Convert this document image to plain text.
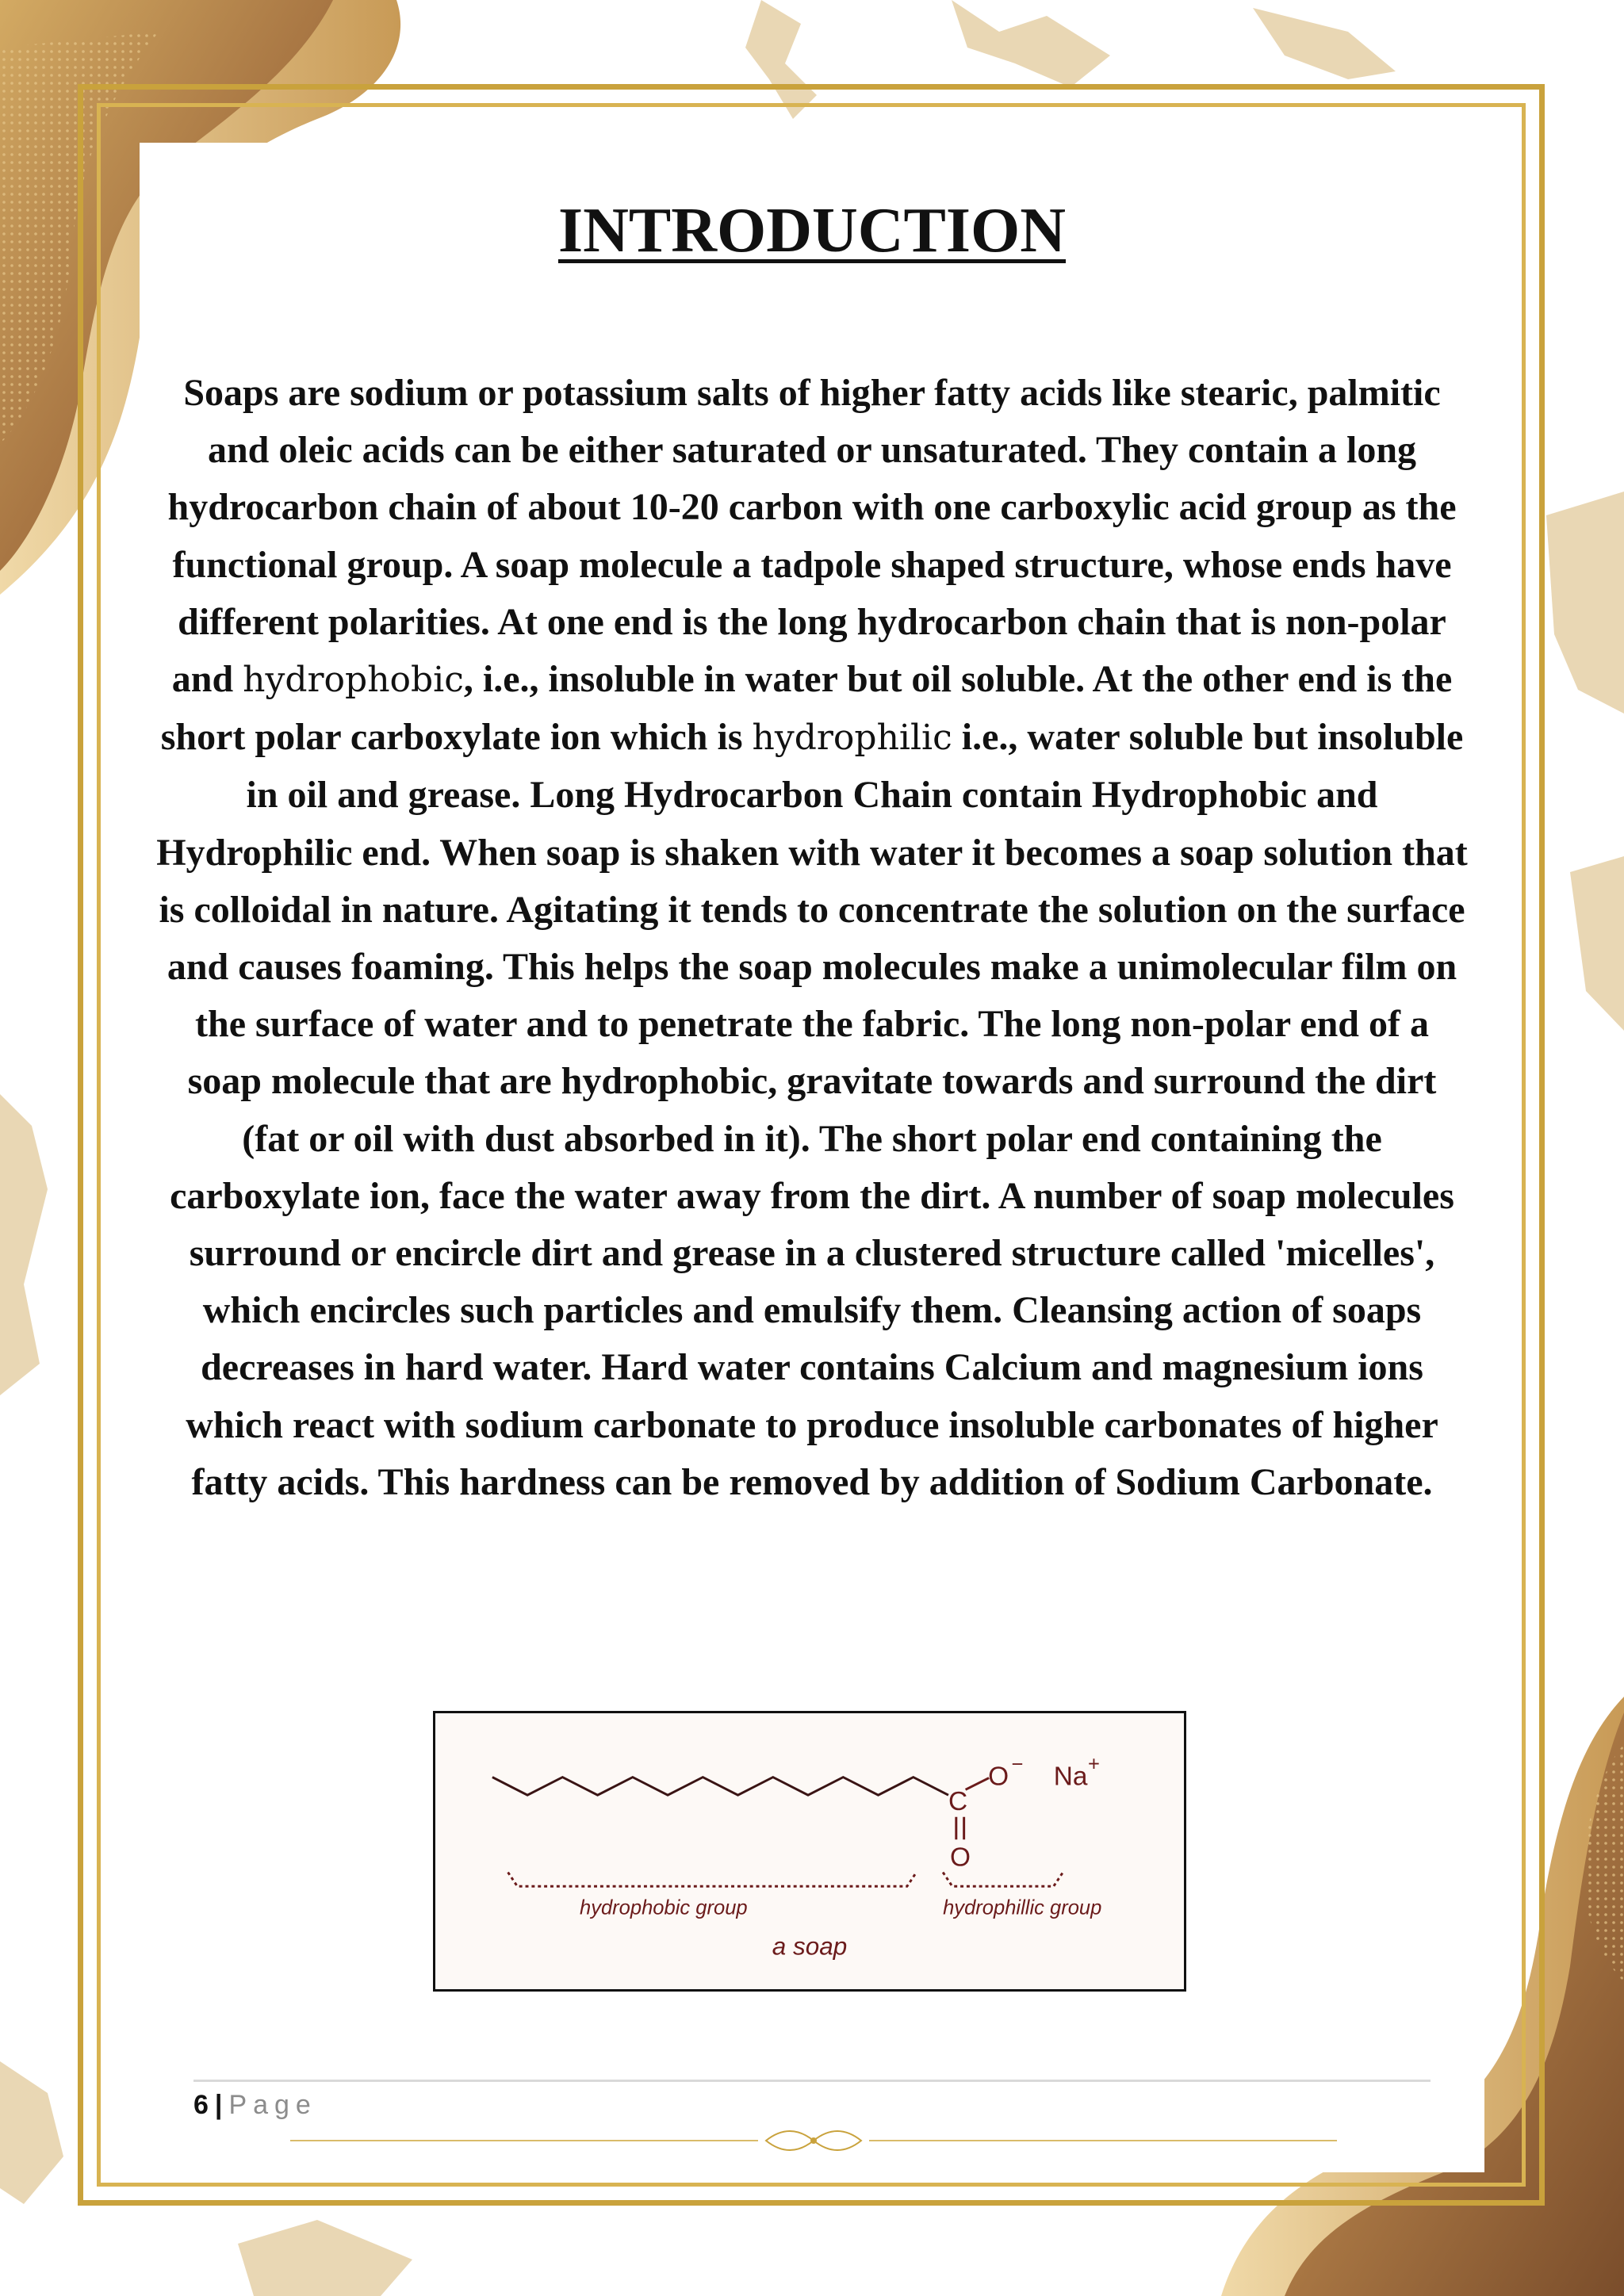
INTRODUCTION

Soaps are sodium or potassium salts of higher fatty acids like stearic, palmitic and oleic acids can be either saturated or unsaturated. They contain a long hydrocarbon chain of about 10-20 carbon with one carboxylic acid group as the functional group. A soap molecule a tadpole shaped structure, whose ends have different polarities. At one end is the long hydrocarbon chain that is non-polar and hydrophobic, i.e., insoluble in water but oil soluble. At the other end is the short polar carboxylate ion which is hydrophilic i.e., water soluble but insoluble in oil and grease. Long Hydrocarbon Chain contain Hydrophobic and Hydrophilic end. When soap is shaken with water it becomes a soap solution that is colloidal in nature. Agitating it tends to concentrate the solution on the surface and causes foaming. This helps the soap molecules make a unimolecular film on the surface of water and to penetrate the fabric. The long non-polar end of a soap molecule that are hydrophobic, gravitate towards and surround the dirt (fat or oil with dust absorbed in it). The short polar end containing the carboxylate ion, face the water away from the dirt. A number of soap molecules surround or encircle dirt and grease in a clustered structure called 'micelles', which encircles such particles and emulsify them. Cleansing action of soaps decreases in hard water. Hard water contains Calcium and magnesium ions which react with sodium carbonate to produce insoluble carbonates of higher fatty acids. This hardness can be removed by addition of Sodium Carbonate.

C
O −
O
Na +
hydrophobic group	hydrophillic group
a soap
6 | Page
